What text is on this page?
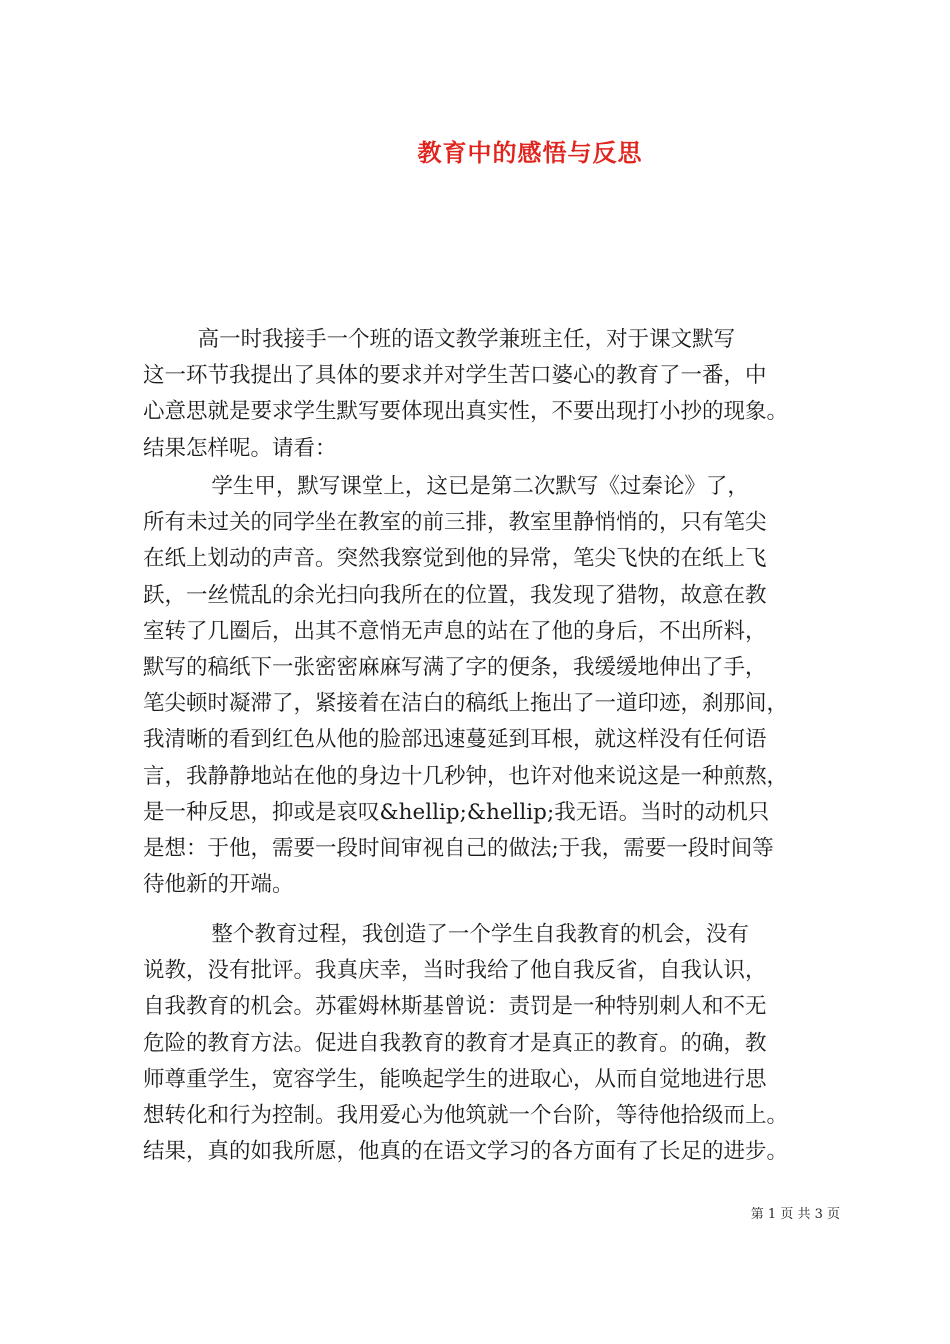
教育中的感悟与反思
高一时我接手一个班的语文教学兼班主任，对于课文默写
这一环节我提出了具体的要求并对学生苦口婆心的教育了一番，中
心意思就是要求学生默写要体现出真实性，不要出现打小抄的现象。
结果怎样呢。请看：
学生甲，默写课堂上，这已是第二次默写《过秦论》了，
所有未过关的同学坐在教室的前三排，教室里静悄悄的，只有笔尖
在纸上划动的声音。突然我察觉到他的异常，笔尖飞快的在纸上飞
跃，一丝慌乱的余光扫向我所在的位置，我发现了猎物，故意在教
室转了几圈后，出其不意悄无声息的站在了他的身后，不出所料，
默写的稿纸下一张密密麻麻写满了字的便条，我缓缓地伸出了手，
笔尖顿时凝滞了，紧接着在洁白的稿纸上拖出了一道印迹，刹那间，
我清晰的看到红色从他的脸部迅速蔓延到耳根，就这样没有任何语
言，我静静地站在他的身边十几秒钟，也许对他来说这是一种煎熬，
是一种反思，抑或是哀叹&hellip;&hellip;我无语。当时的动机只
是想：于他，需要一段时间审视自己的做法;于我，需要一段时间等
待他新的开端。
整个教育过程，我创造了一个学生自我教育的机会，没有
说教，没有批评。我真庆幸，当时我给了他自我反省，自我认识，
自我教育的机会。苏霍姆林斯基曾说：责罚是一种特别刺人和不无
危险的教育方法。促进自我教育的教育才是真正的教育。的确，教
师尊重学生，宽容学生，能唤起学生的进取心，从而自觉地进行思
想转化和行为控制。我用爱心为他筑就一个台阶，等待他拾级而上。
结果，真的如我所愿，他真的在语文学习的各方面有了长足的进步。
第 1 页 共 3 页
